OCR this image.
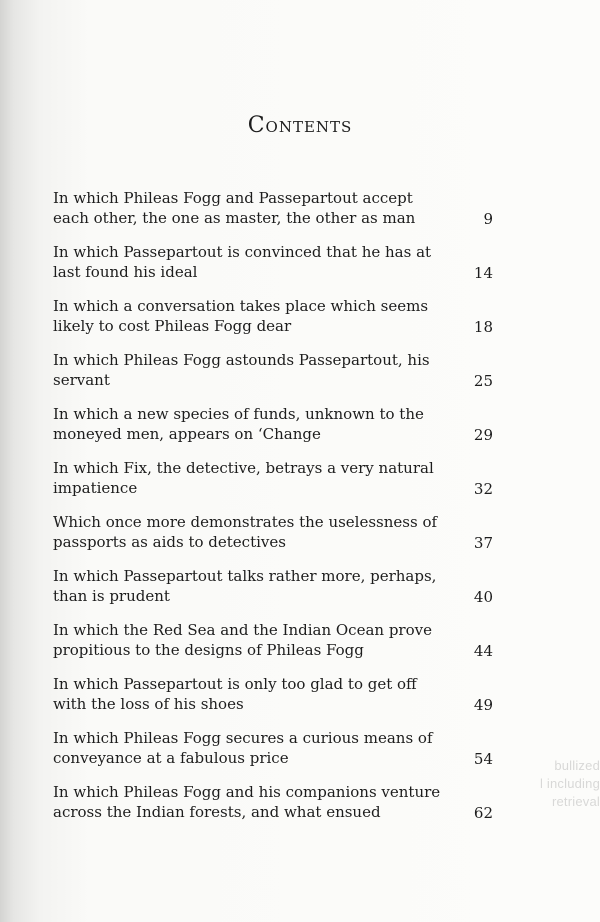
bullized
l including
retrieval
Contents
In which Phileas Fogg and Passepartout accept each other, the one as master, the other as man	9
In which Passepartout is convinced that he has at last found his ideal	14
In which a conversation takes place which seems likely to cost Phileas Fogg dear	18
In which Phileas Fogg astounds Passepartout, his servant	25
In which a new species of funds, unknown to the moneyed men, appears on ‘Change	29
In which Fix, the detective, betrays a very natural impatience	32
Which once more demonstrates the uselessness of passports as aids to detectives	37
In which Passepartout talks rather more, perhaps, than is prudent	40
In which the Red Sea and the Indian Ocean prove propitious to the designs of Phileas Fogg	44
In which Passepartout is only too glad to get off with the loss of his shoes	49
In which Phileas Fogg secures a curious means of conveyance at a fabulous price	54
In which Phileas Fogg and his companions venture across the Indian forests, and what ensued	62
